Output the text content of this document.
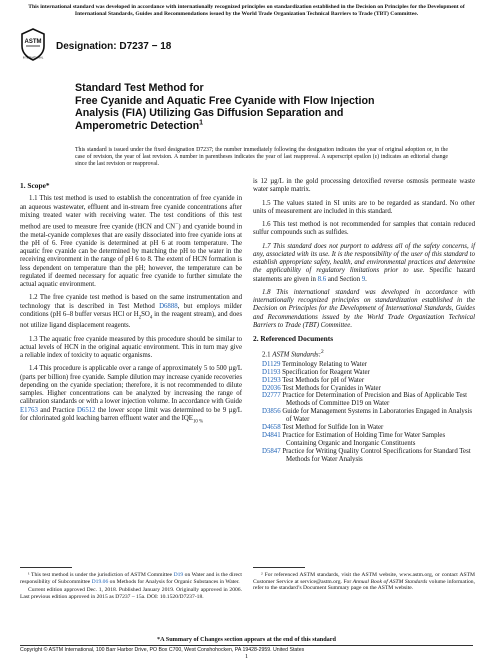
This international standard was developed in accordance with internationally recognized principles on standardization established in the Decision on Principles for the Development of International Standards, Guides and Recommendations issued by the World Trade Organization Technical Barriers to Trade (TBT) Committee.
ASTM
INTERNATIONAL
Designation: D7237 − 18
Standard Test Method for
Free Cyanide and Aquatic Free Cyanide with Flow Injection
Analysis (FIA) Utilizing Gas Diffusion Separation and
Amperometric Detection$^1$
This standard is issued under the fixed designation D7237; the number immediately following the designation indicates the year of original adoption or, in the case of revision, the year of last revision. A number in parentheses indicates the year of last reapproval. A superscript epsilon (ε) indicates an editorial change since the last revision or reapproval.
1. Scope*

1.1 This test method is used to establish the concentration of free cyanide in an aqueous wastewater, effluent and in-stream free cyanide concentrations after mixing treated water with receiving water. The test conditions of this test method are used to measure free cyanide (HCN and CN−) and cyanide bound in the metal-cyanide complexes that are easily dissociated into free cyanide ions at the pH of 6. Free cyanide is determined at pH 6 at room temperature. The aquatic free cyanide can be determined by matching the pH to the water in the receiving environment in the range of pH 6 to 8. The extent of HCN formation is less dependent on temperature than the pH; however, the temperature can be regulated if deemed necessary for aquatic free cyanide to further simulate the actual aquatic environment.

1.2 The free cyanide test method is based on the same instrumentation and technology that is described in Test Method D6888, but employs milder conditions (pH 6–8 buffer versus HCl or $H_2SO_4$ in the reagent stream), and does not utilize ligand displacement reagents.

1.3 The aquatic free cyanide measured by this procedure should be similar to actual levels of HCN in the original aquatic environment. This in turn may give a reliable index of toxicity to aquatic organisms.

1.4 This procedure is applicable over a range of approximately 5 to 500 µg/L (parts per billion) free cyanide. Sample dilution may increase cyanide recoveries depending on the cyanide speciation; therefore, it is not recommended to dilute samples. Higher concentrations can be analyzed by increasing the range of calibration standards or with a lower injection volume. In accordance with Guide E1763 and Practice D6512 the lower scope limit was determined to be 9 µg/L for chlorinated gold leaching barren effluent water and the $IQE_{10 \%}$

is 12 µg/L in the gold processing detoxified reverse osmosis permeate waste water sample matrix.

1.5 The values stated in SI units are to be regarded as standard. No other units of measurement are included in this standard.

1.6 This test method is not recommended for samples that contain reduced sulfur compounds such as sulfides.

1.7 This standard does not purport to address all of the safety concerns, if any, associated with its use. It is the responsibility of the user of this standard to establish appropriate safety, health, and environmental practices and determine the applicability of regulatory limitations prior to use. Specific hazard statements are given in 8.6 and Section 9.

1.8 This international standard was developed in accordance with internationally recognized principles on standardization established in the Decision on Principles for the Development of International Standards, Guides and Recommendations issued by the World Trade Organization Technical Barriers to Trade (TBT) Committee.

2. Referenced Documents
2.1 ASTM Standards:$^2$
D1129 Terminology Relating to Water
D1193 Specification for Reagent Water
D1293 Test Methods for pH of Water
D2036 Test Methods for Cyanides in Water
D2777 Practice for Determination of Precision and Bias of Applicable Test Methods of Committee D19 on Water
D3856 Guide for Management Systems in Laboratories Engaged in Analysis of Water
D4658 Test Method for Sulfide Ion in Water
D4841 Practice for Estimation of Holding Time for Water Samples Containing Organic and Inorganic Constituents
D5847 Practice for Writing Quality Control Specifications for Standard Test Methods for Water Analysis

¹ This test method is under the jurisdiction of ASTM Committee D19 on Water and is the direct responsibility of Subcommittee D19.06 on Methods for Analysis for Organic Substances in Water.

Current edition approved Dec. 1, 2018. Published January 2019. Originally approved in 2006. Last previous edition approved in 2015 as D7237 – 15a. DOI: 10.1520/D7237-18.

² For referenced ASTM standards, visit the ASTM website, www.astm.org, or contact ASTM Customer Service at service@astm.org. For Annual Book of ASTM Standards volume information, refer to the standard’s Document Summary page on the ASTM website.

*A Summary of Changes section appears at the end of this standard
Copyright © ASTM International, 100 Barr Harbor Drive, PO Box C700, West Conshohocken, PA 19428-2959. United States
1
